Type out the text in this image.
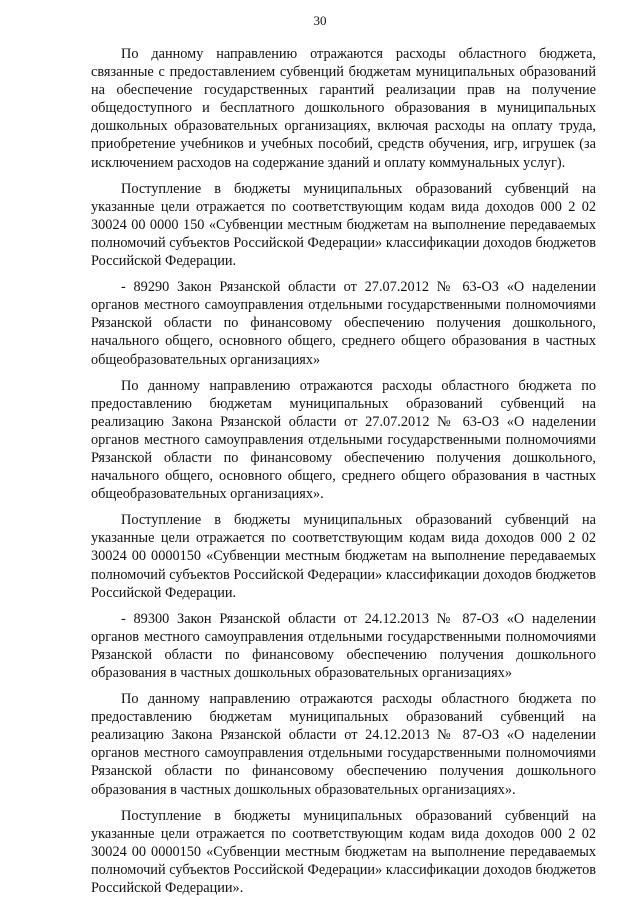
30

По данному направлению отражаются расходы областного бюджета, связанные с предоставлением субвенций бюджетам муниципальных образований на обеспечение государственных гарантий реализации прав на получение общедоступного и бесплатного дошкольного образования в муниципальных дошкольных образовательных организациях, включая расходы на оплату труда, приобретение учебников и учебных пособий, средств обучения, игр, игрушек (за исключением расходов на содержание зданий и оплату коммунальных услуг).

Поступление в бюджеты муниципальных образований субвенций на указанные цели отражается по соответствующим кодам вида доходов 000 2 02 30024 00 0000 150 «Субвенции местным бюджетам на выполнение передаваемых полномочий субъектов Российской Федерации» классификации доходов бюджетов Российской Федерации.

- 89290 Закон Рязанской области от 27.07.2012 № 63-ОЗ «О наделении органов местного самоуправления отдельными государственными полномочиями Рязанской области по финансовому обеспечению получения дошкольного, начального общего, основного общего, среднего общего образования в частных общеобразовательных организациях»

По данному направлению отражаются расходы областного бюджета по предоставлению бюджетам муниципальных образований субвенций на реализацию Закона Рязанской области от 27.07.2012 № 63-ОЗ «О наделении органов местного самоуправления отдельными государственными полномочиями Рязанской области по финансовому обеспечению получения дошкольного, начального общего, основного общего, среднего общего образования в частных общеобразовательных организациях».

Поступление в бюджеты муниципальных образований субвенций на указанные цели отражается по соответствующим кодам вида доходов 000 2 02 30024 00 0000150 «Субвенции местным бюджетам на выполнение передаваемых полномочий субъектов Российской Федерации» классификации доходов бюджетов Российской Федерации.

- 89300 Закон Рязанской области от 24.12.2013 № 87-ОЗ «О наделении органов местного самоуправления отдельными государственными полномочиями Рязанской области по финансовому обеспечению получения дошкольного образования в частных дошкольных образовательных организациях»

По данному направлению отражаются расходы областного бюджета по предоставлению бюджетам муниципальных образований субвенций на реализацию Закона Рязанской области от 24.12.2013 № 87-ОЗ «О наделении органов местного самоуправления отдельными государственными полномочиями Рязанской области по финансовому обеспечению получения дошкольного образования в частных дошкольных образовательных организациях».

Поступление в бюджеты муниципальных образований субвенций на указанные цели отражается по соответствующим кодам вида доходов 000 2 02 30024 00 0000150 «Субвенции местным бюджетам на выполнение передаваемых полномочий субъектов Российской Федерации» классификации доходов бюджетов Российской Федерации».
